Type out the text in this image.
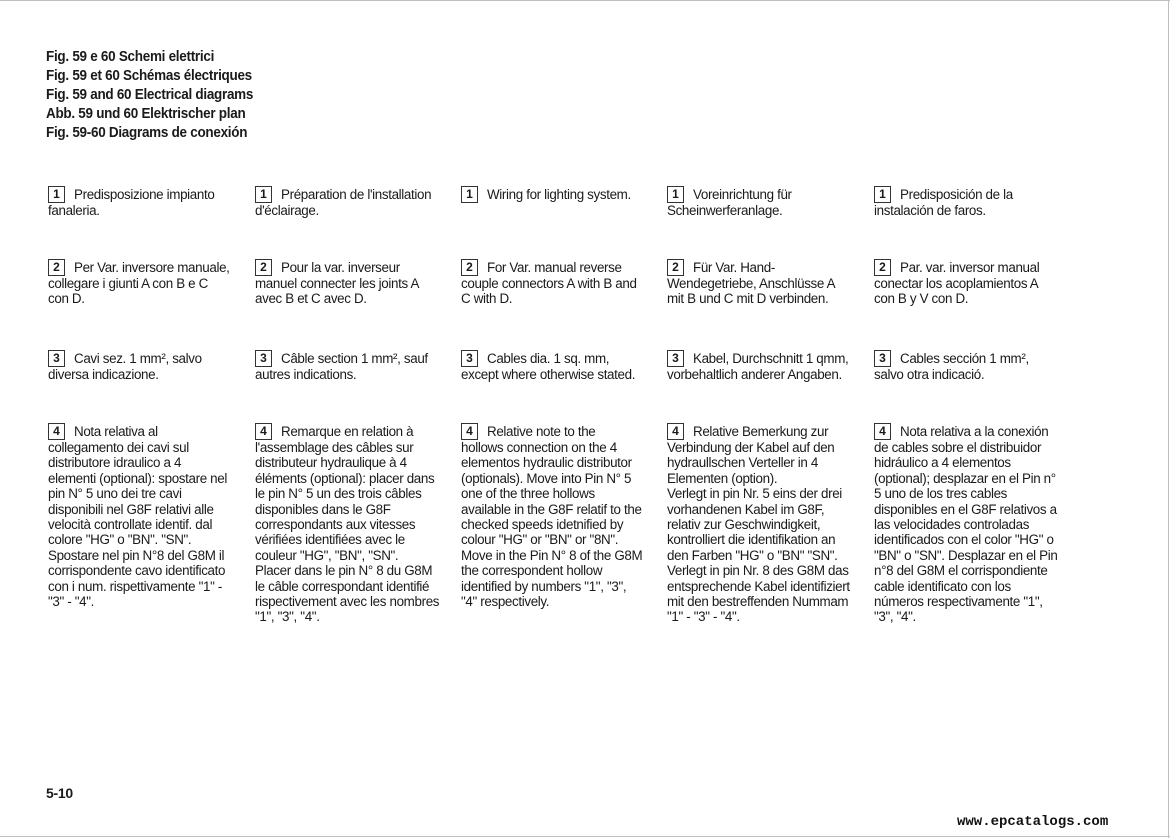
Fig. 59 e 60 Schemi elettrici
Fig. 59 et 60 Schémas électriques
Fig. 59 and 60 Electrical diagrams
Abb. 59 und 60 Elektrischer plan
Fig. 59-60 Diagrams de conexión

1 Predisposizione impianto
fanaleria.

2 Per Var. inversore manuale,
collegare i giunti A con B e C
con D.

3 Cavi sez. 1 mm², salvo
diversa indicazione.

4 Nota relativa al
collegamento dei cavi sul
distributore idraulico a 4
elementi (optional): spostare nel
pin N° 5 uno dei tre cavi
disponibili nel G8F relativi alle
velocità controllate identif. dal
colore "HG" o "BN". "SN".
Spostare nel pin N°8 del G8M il
corrispondente cavo identificato
con i num. rispettivamente "1" -
"3" - "4".

1 Préparation de l'installation
d'éclairage.

2 Pour la var. inverseur
manuel connecter les joints A
avec B et C avec D.

3 Câble section 1 mm², sauf
autres indications.

4 Remarque en relation à
l'assemblage des câbles sur
distributeur hydraulique à 4
éléments (optional): placer dans
le pin N° 5 un des trois câbles
disponibles dans le G8F
correspondants aux vitesses
vérifiées identifiées avec le
couleur "HG", "BN", "SN".
Placer dans le pin N° 8 du G8M
le câble correspondant identifié
rispectivement avec les nombres
"1", "3", "4".

1 Wiring for lighting system.

2 For Var. manual reverse
couple connectors A with B and
C with D.

3 Cables dia. 1 sq. mm,
except where otherwise stated.

4 Relative note to the
hollows connection on the 4
elementos hydraulic distributor
(optionals). Move into Pin N° 5
one of the three hollows
available in the G8F relatif to the
checked speeds idetnified by
colour "HG" or "BN" or "8N".
Move in the Pin N° 8 of the G8M
the correspondent hollow
identified by numbers "1", "3",
"4" respectively.

1 Voreinrichtung für
Scheinwerferanlage.

2 Für Var. Hand-
Wendegetriebe, Anschlüsse A
mit B und C mit D verbinden.

3 Kabel, Durchschnitt 1 qmm,
vorbehaltlich anderer Angaben.

4 Relative Bemerkung zur
Verbindung der Kabel auf den
hydraullschen Verteller in 4
Elementen (option).
Verlegt in pin Nr. 5 eins der drei
vorhandenen Kabel im G8F,
relativ zur Geschwindigkeit,
kontrolliert die identifikation an
den Farben "HG" o "BN" "SN".
Verlegt in pin Nr. 8 des G8M das
entsprechende Kabel identifiziert
mit den bestreffenden Nummam
"1" - "3" - "4".

1 Predisposición de la
instalación de faros.

2 Par. var. inversor manual
conectar los acoplamientos A
con B y V con D.

3 Cables sección 1 mm²,
salvo otra indicació.

4 Nota relativa a la conexión
de cables sobre el distribuidor
hidráulico a 4 elementos
(optional); desplazar en el Pin n°
5 uno de los tres cables
disponibles en el G8F relativos a
las velocidades controladas
identificados con el color "HG" o
"BN" o "SN". Desplazar en el Pin
n°8 del G8M el corrispondiente
cable identificato con los
números respectivamente "1",
"3", "4".

5-10
www.epcatalogs.com
